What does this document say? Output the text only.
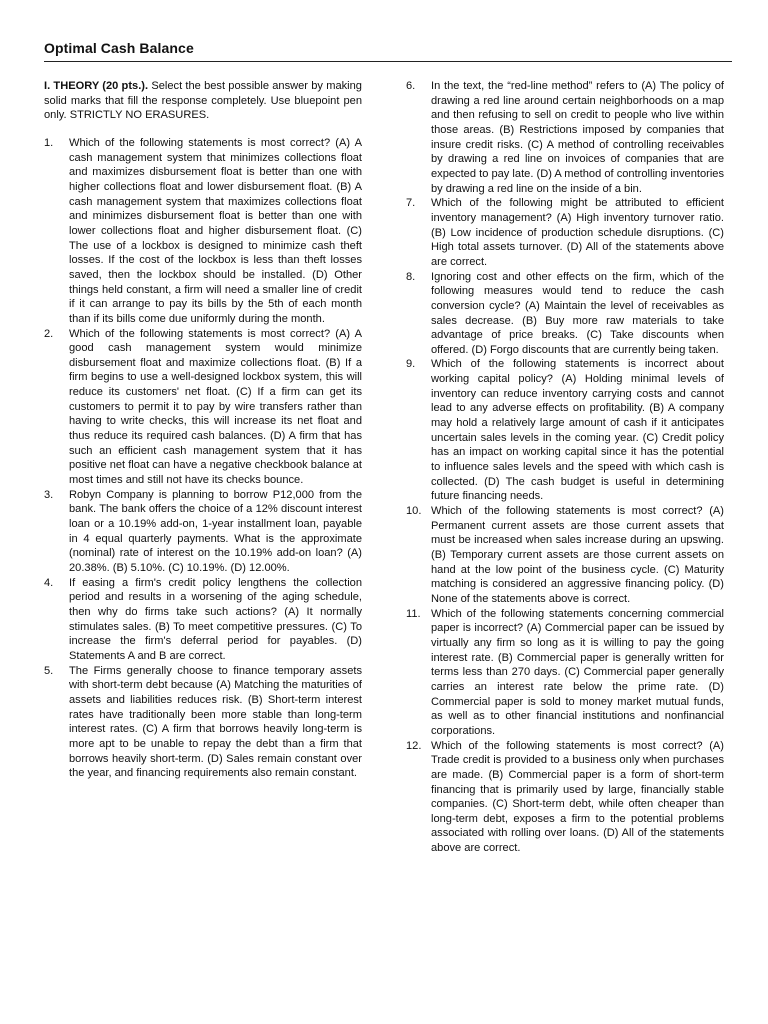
Optimal Cash Balance

I. THEORY (20 pts.). Select the best possible answer by making solid marks that fill the response completely. Use bluepoint pen only. STRICTLY NO ERASURES.

1. Which of the following statements is most correct? (A) A cash management system that minimizes collections float and maximizes disbursement float is better than one with higher collections float and lower disbursement float. (B) A cash management system that maximizes collections float and minimizes disbursement float is better than one with lower collections float and higher disbursement float. (C) The use of a lockbox is designed to minimize cash theft losses. If the cost of the lockbox is less than theft losses saved, then the lockbox should be installed. (D) Other things held constant, a firm will need a smaller line of credit if it can arrange to pay its bills by the 5th of each month than if its bills come due uniformly during the month.
2. Which of the following statements is most correct? (A) A good cash management system would minimize disbursement float and maximize collections float. (B) If a firm begins to use a well-designed lockbox system, this will reduce its customers' net float. (C) If a firm can get its customers to permit it to pay by wire transfers rather than having to write checks, this will increase its net float and thus reduce its required cash balances. (D) A firm that has such an efficient cash management system that it has positive net float can have a negative checkbook balance at most times and still not have its checks bounce.
3. Robyn Company is planning to borrow P12,000 from the bank. The bank offers the choice of a 12% discount interest loan or a 10.19% add-on, 1-year installment loan, payable in 4 equal quarterly payments. What is the approximate (nominal) rate of interest on the 10.19% add-on loan? (A) 20.38%. (B) 5.10%. (C) 10.19%. (D) 12.00%.
4. If easing a firm's credit policy lengthens the collection period and results in a worsening of the aging schedule, then why do firms take such actions? (A) It normally stimulates sales. (B) To meet competitive pressures. (C) To increase the firm's deferral period for payables. (D) Statements A and B are correct.
5. The Firms generally choose to finance temporary assets with short-term debt because (A) Matching the maturities of assets and liabilities reduces risk. (B) Short-term interest rates have traditionally been more stable than long-term interest rates. (C) A firm that borrows heavily long-term is more apt to be unable to repay the debt than a firm that borrows heavily short-term. (D) Sales remain constant over the year, and financing requirements also remain constant.
6. In the text, the “red-line method” refers to (A) The policy of drawing a red line around certain neighborhoods on a map and then refusing to sell on credit to people who live within those areas. (B) Restrictions imposed by companies that insure credit risks. (C) A method of controlling receivables by drawing a red line on invoices of companies that are expected to pay late. (D) A method of controlling inventories by drawing a red line on the inside of a bin.
7. Which of the following might be attributed to efficient inventory management? (A) High inventory turnover ratio. (B) Low incidence of production schedule disruptions. (C) High total assets turnover. (D) All of the statements above are correct.
8. Ignoring cost and other effects on the firm, which of the following measures would tend to reduce the cash conversion cycle? (A) Maintain the level of receivables as sales decrease. (B) Buy more raw materials to take advantage of price breaks. (C) Take discounts when offered. (D) Forgo discounts that are currently being taken.
9. Which of the following statements is incorrect about working capital policy? (A) Holding minimal levels of inventory can reduce inventory carrying costs and cannot lead to any adverse effects on profitability. (B) A company may hold a relatively large amount of cash if it anticipates uncertain sales levels in the coming year. (C) Credit policy has an impact on working capital since it has the potential to influence sales levels and the speed with which cash is collected. (D) The cash budget is useful in determining future financing needs.
10. Which of the following statements is most correct? (A) Permanent current assets are those current assets that must be increased when sales increase during an upswing. (B) Temporary current assets are those current assets on hand at the low point of the business cycle. (C) Maturity matching is considered an aggressive financing policy. (D) None of the statements above is correct.
11. Which of the following statements concerning commercial paper is incorrect? (A) Commercial paper can be issued by virtually any firm so long as it is willing to pay the going interest rate. (B) Commercial paper is generally written for terms less than 270 days. (C) Commercial paper generally carries an interest rate below the prime rate. (D) Commercial paper is sold to money market mutual funds, as well as to other financial institutions and nonfinancial corporations.
12. Which of the following statements is most correct? (A) Trade credit is provided to a business only when purchases are made. (B) Commercial paper is a form of short-term financing that is primarily used by large, financially stable companies. (C) Short-term debt, while often cheaper than long-term debt, exposes a firm to the potential problems associated with rolling over loans. (D) All of the statements above are correct.
